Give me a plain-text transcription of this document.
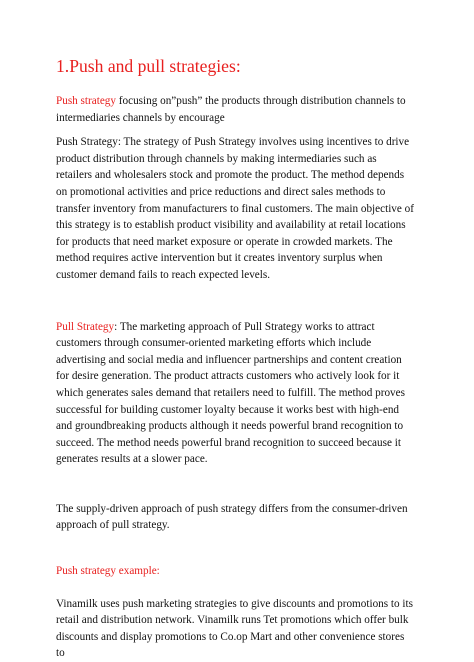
1.Push and pull strategies:

Push strategy focusing on”push” the products through distribution channels to intermediaries channels by encourage

Push Strategy: The strategy of Push Strategy involves using incentives to drive product distribution through channels by making intermediaries such as retailers and wholesalers stock and promote the product. The method depends on promotional activities and price reductions and direct sales methods to transfer inventory from manufacturers to final customers. The main objective of this strategy is to establish product visibility and availability at retail locations for products that need market exposure or operate in crowded markets. The method requires active intervention but it creates inventory surplus when customer demand fails to reach expected levels.

Pull Strategy: The marketing approach of Pull Strategy works to attract customers through consumer-oriented marketing efforts which include advertising and social media and influencer partnerships and content creation for desire generation. The product attracts customers who actively look for it which generates sales demand that retailers need to fulfill. The method proves successful for building customer loyalty because it works best with high-end and groundbreaking products although it needs powerful brand recognition to succeed. The method needs powerful brand recognition to succeed because it generates results at a slower pace.

The supply-driven approach of push strategy differs from the consumer-driven approach of pull strategy.

Push strategy example:

Vinamilk uses push marketing strategies to give discounts and promotions to its retail and distribution network. Vinamilk runs Tet promotions which offer bulk discounts and display promotions to Co.op Mart and other convenience stores to
